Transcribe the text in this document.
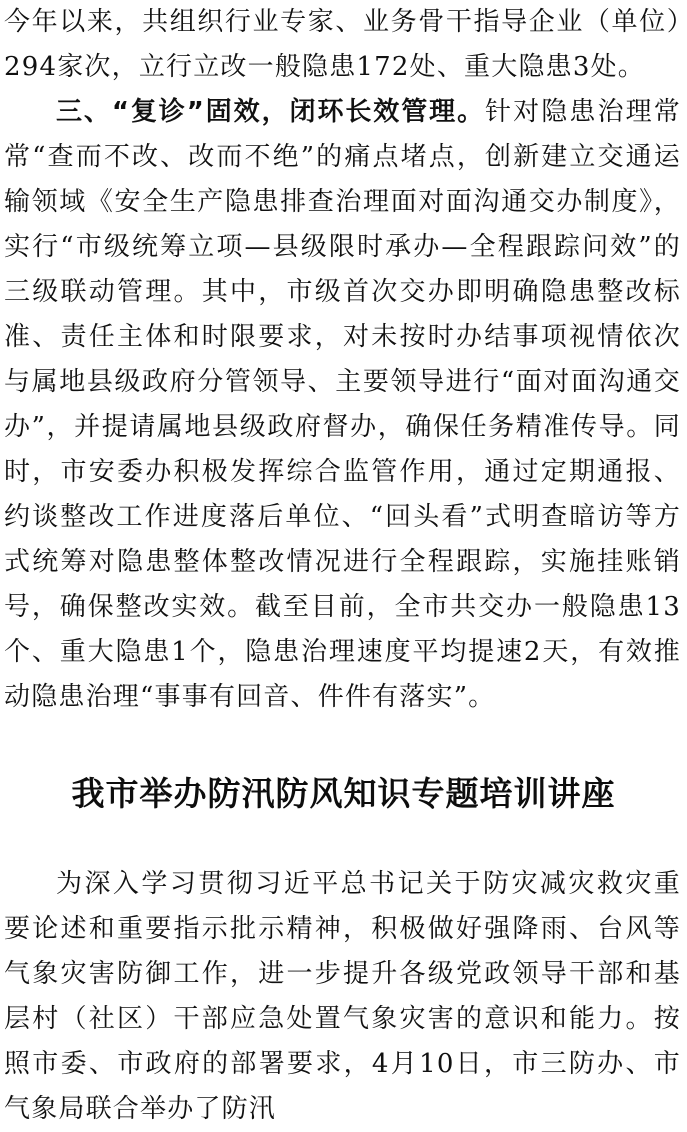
今年以来，共组织行业专家、业务骨干指导企业（单位）294家次，立行立改一般隐患172处、重大隐患3处。

三、“复诊”固效，闭环长效管理。针对隐患治理常常“查而不改、改而不绝”的痛点堵点，创新建立交通运输领域《安全生产隐患排查治理面对面沟通交办制度》，实行“市级统筹立项—县级限时承办—全程跟踪问效”的三级联动管理。其中，市级首次交办即明确隐患整改标准、责任主体和时限要求，对未按时办结事项视情依次与属地县级政府分管领导、主要领导进行“面对面沟通交办”，并提请属地县级政府督办，确保任务精准传导。同时，市安委办积极发挥综合监管作用，通过定期通报、约谈整改工作进度落后单位、“回头看”式明查暗访等方式统筹对隐患整体整改情况进行全程跟踪，实施挂账销号，确保整改实效。截至目前，全市共交办一般隐患13个、重大隐患1个，隐患治理速度平均提速2天，有效推动隐患治理“事事有回音、件件有落实”。

我市举办防汛防风知识专题培训讲座

为深入学习贯彻习近平总书记关于防灾减灾救灾重要论述和重要指示批示精神，积极做好强降雨、台风等气象灾害防御工作，进一步提升各级党政领导干部和基层村（社区）干部应急处置气象灾害的意识和能力。按照市委、市政府的部署要求，4月10日，市三防办、市气象局联合举办了防汛
